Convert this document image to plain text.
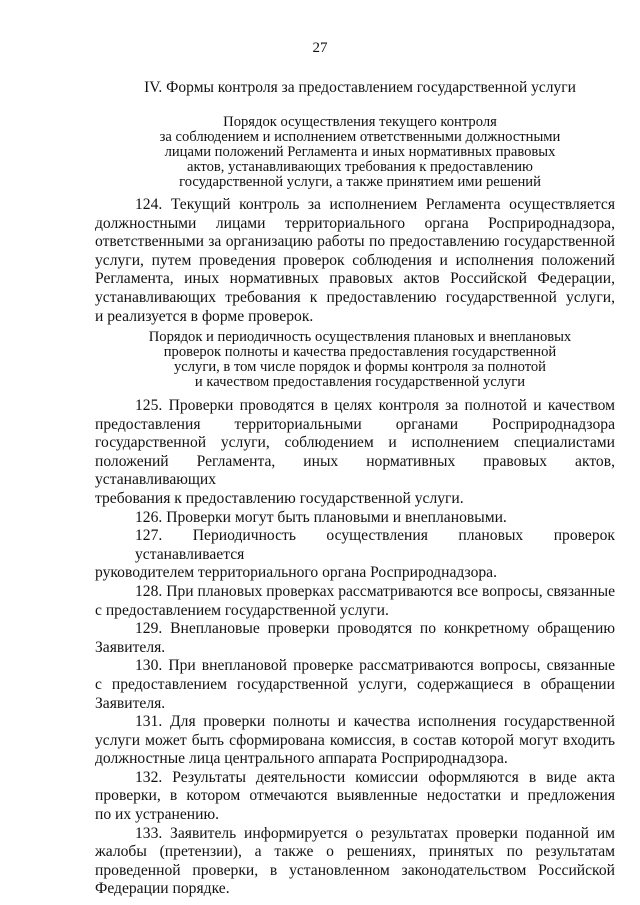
27
IV. Формы контроля за предоставлением государственной услуги
Порядок осуществления текущего контроля
за соблюдением и исполнением ответственными должностными
лицами положений Регламента и иных нормативных правовых
актов, устанавливающих требования к предоставлению
государственной услуги, а также принятием ими решений
124. Текущий контроль за исполнением Регламента осуществляется
должностными лицами территориального органа Росприроднадзора,
ответственными за организацию работы по предоставлению государственной
услуги, путем проведения проверок соблюдения и исполнения положений
Регламента, иных нормативных правовых актов Российской Федерации,
устанавливающих требования к предоставлению государственной услуги,
и реализуется в форме проверок.
Порядок и периодичность осуществления плановых и внеплановых
проверок полноты и качества предоставления государственной
услуги, в том числе порядок и формы контроля за полнотой
и качеством предоставления государственной услуги
125. Проверки проводятся в целях контроля за полнотой и качеством
предоставления территориальными органами Росприроднадзора
государственной услуги, соблюдением и исполнением специалистами
положений Регламента, иных нормативных правовых актов, устанавливающих
требования к предоставлению государственной услуги.
126. Проверки могут быть плановыми и внеплановыми.
127. Периодичность осуществления плановых проверок устанавливается
руководителем территориального органа Росприроднадзора.
128. При плановых проверках рассматриваются все вопросы, связанные
с предоставлением государственной услуги.
129. Внеплановые проверки проводятся по конкретному обращению
Заявителя.
130. При внеплановой проверке рассматриваются вопросы, связанные
с предоставлением государственной услуги, содержащиеся в обращении
Заявителя.
131. Для проверки полноты и качества исполнения государственной
услуги может быть сформирована комиссия, в состав которой могут входить
должностные лица центрального аппарата Росприроднадзора.
132. Результаты деятельности комиссии оформляются в виде акта
проверки, в котором отмечаются выявленные недостатки и предложения
по их устранению.
133. Заявитель информируется о результатах проверки поданной им
жалобы (претензии), а также о решениях, принятых по результатам
проведенной проверки, в установленном законодательством Российской
Федерации порядке.
